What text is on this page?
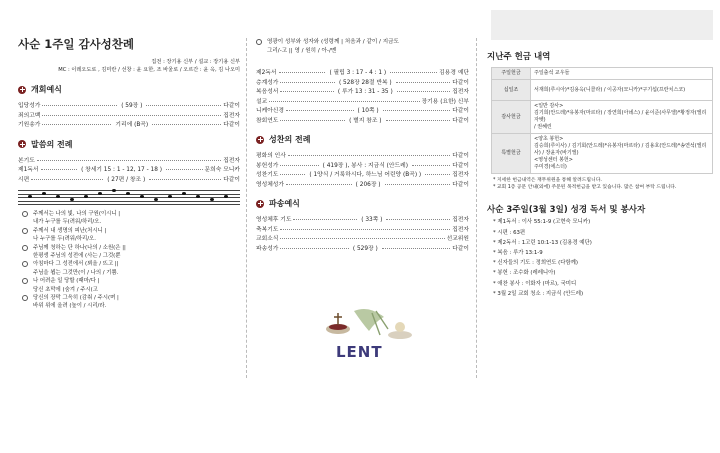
사순 1주일 감사성찬례
집전 : 장기용 신부 / 설교 : 장기용 신부
MC : 이레오도로 , 김미란 / 선창 : 윤 요한, 조 바울로 / 오르간 : 윤 옥, 김 나오미
개회예식
입당성가	( 59장 )	다같이
죄의고백	집전자
기원송가	기리에 (B곡)	다같이
말씀의 전례
본기도	집전자
제1독서	( 창세기 15 : 1 - 12, 17 - 18 )	문희숙 모니카
시편	( 27편 / 창조 )	다같이
주께서는 나의 빛, 나의 구원(이시니 |
내가 누구를 두(려워/하리/오.
주께서 내 생명의 피난(처시니 |
나 누구를 두(려워/하리/오.
주님께 청하는 단 하나(나의 / 소원(은 ||
한평생 주님의 성전에 (사는 / 그것(뿐
아침마다 그 성전에서 (뵈올 / 뜨고 ||
주님을 뵙는 그것만(이 / 나의 / 기쁨.
나 어려운 일 당할 (때마/다 |
당신 초막에 (숨겨 / 주시(고
당신의 장막 그윽히 (감춰 / 주시(며 |
바위 위에 올려 (높이 / 시리/라.
영광이 성부와 성자와 (성령께 | 처음과 / 같이 / 지금도
그리/-고 || 영 / 원히 / 아-/멘
제2독서	( 필립 3 : 17 - 4 : 1 )	김용경 예단
층계성가	( 528장 28절 반복 )	다같이
복음성서	( 루가 13 : 31 - 35 )	집전자
설교	장기용 (요한) 신부
니케아신경	( 10쪽 )	다같이
참회연도	( 별지 참조 )	다같이
성찬의 전례
평화의 인사	다같이
봉헌성가	( 419장 ), 봉사 : 지금식 (안드레)	다같이
성찬기도	( 1양식 / 거룩하시다, 하느님 어린양 (B곡) )	집전자
영성체성가	( 206장 )	다같이
파송예식
영성체후 기도	( 33쪽 )	집전자
축복기도	집전자
교회소식	선교위원
파송성가	( 529장 )	다같이
LENT
지난주 헌금 내역
주일헌금	주일출석 교우들

십일조	서재희(루시아)*김용옥(니콜라) / 이공자(모니카)*구기섭(프란치스코)

감사헌금	<일반 감사>
김기희(안드레)*유봉자(마르타) / 장연희(아녜스) / 윤이준(사무엘)*황정자(엘리자벳)
/ 권혜린

특별헌금	<양초 봉헌>
김승희(루이사) / 김기회(안드레)*유봉자(마르타) / 김용호(안드레)*송연석(엘리
사) / 장윤자(바기엘)
<영성센터 봉헌>
주미경(에스더)
* 지세한 헌금내역은 재무위원을 통해 알려드립니다.
* 교회 1층 공문 안내(외에) 주문된 목적헌금을 받고 있습니다. 많은 참여 부탁 드립니다.
사순 3주일(3월 3일) 성경 독서 및 봉사자
* 제1독서 : 이사 55:1-9 (고현숙 모니카)
* 시편 : 63편
* 제2독서 : 1고린 10:1-13 (김용경 예단)
* 복음 : 루가 13:1-9
* 신자들의 기도 : 정희연도 (다함께)
* 봉헌 : 조수화 (레레니아)
* 애찬 봉사 : 이화자 (마르), 국미디
* 3월 2일 교회 청소 : 지금식 (안드레)
